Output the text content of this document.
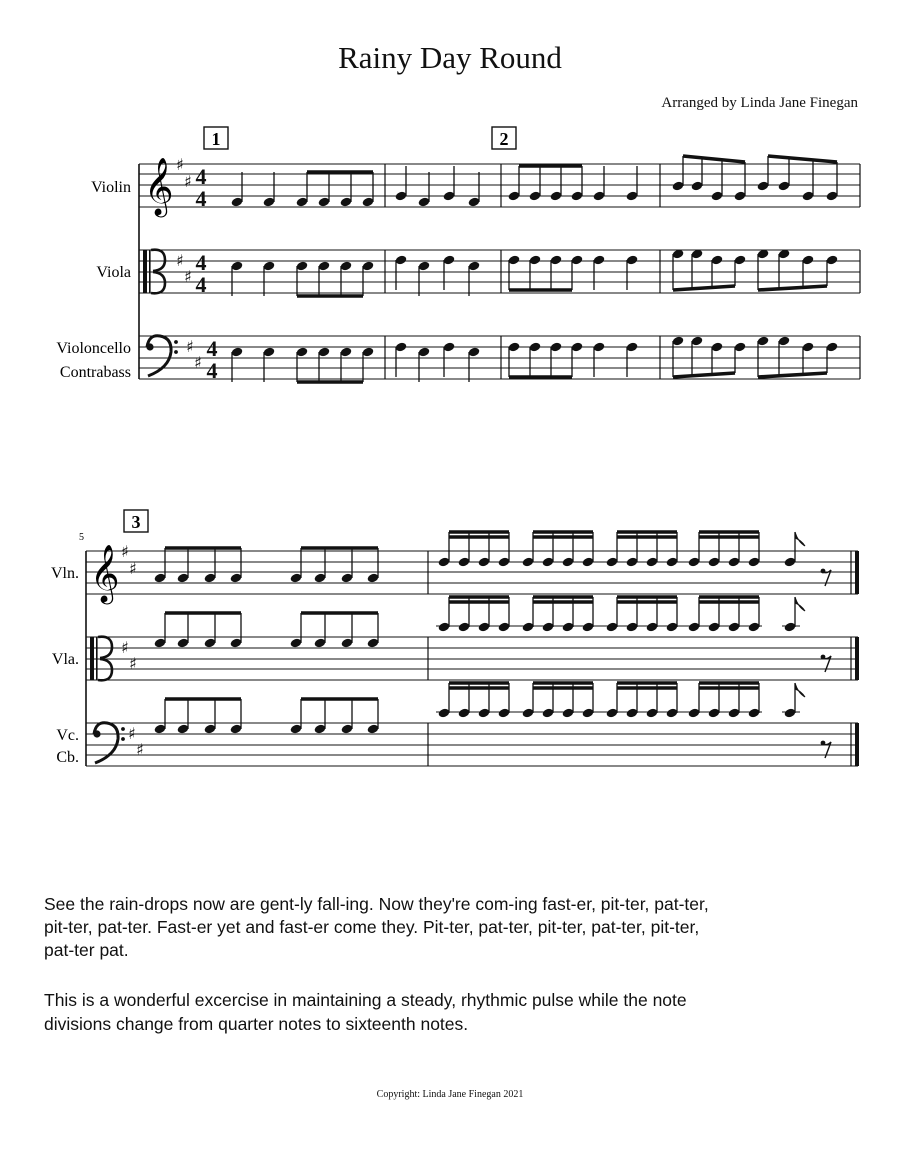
Rainy Day Round
Arranged by Linda Jane Finegan
1	2
Violin
Viola
Violoncello
Contrabass
𝄞 ♯
♯
♯
♯
♯
♯
4
4
4
4
4
4
5
3
Vln.
Vla.
Vc.
Cb.
𝄞 ♯
♯
♯
♯
♯
♯

See the rain-drops now are gent-ly fall-ing. Now they're com-ing fast-er, pit-ter, pat-ter,

pit-ter, pat-ter. Fast-er yet and fast-er come they. Pit-ter, pat-ter, pit-ter, pat-ter, pit-ter,

pat-ter pat.

This is a wonderful excercise in maintaining a steady, rhythmic pulse while the note

divisions change from quarter notes to sixteenth notes.

Copyright: Linda Jane Finegan 2021
